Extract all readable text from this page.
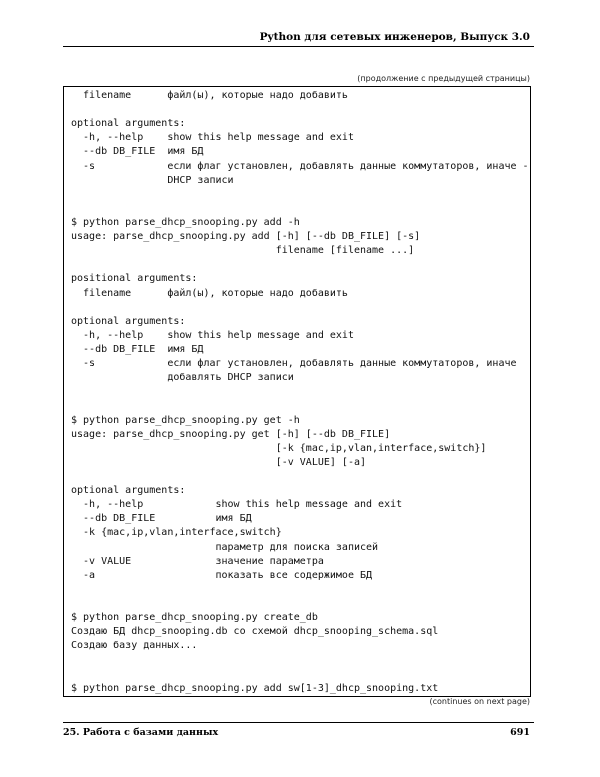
Python для сетевых инженеров, Выпуск 3.0
(продолжение с предыдущей страницы)
filename      файл(ы), которые надо добавить
optional arguments:
-h, --help    show this help message and exit
--db DB_FILE  имя БД
-s            если флаг установлен, добавлять данные коммутаторов, иначе -
DHCP записи
$ python parse_dhcp_snooping.py add -h
usage: parse_dhcp_snooping.py add [-h] [--db DB_FILE] [-s]
filename [filename ...]
positional arguments:
filename      файл(ы), которые надо добавить
optional arguments:
-h, --help    show this help message and exit
--db DB_FILE  имя БД
-s            если флаг установлен, добавлять данные коммутаторов, иначе
добавлять DHCP записи
$ python parse_dhcp_snooping.py get -h
usage: parse_dhcp_snooping.py get [-h] [--db DB_FILE]
[-k {mac,ip,vlan,interface,switch}]
[-v VALUE] [-a]
optional arguments:
-h, --help            show this help message and exit
--db DB_FILE          имя БД
-k {mac,ip,vlan,interface,switch}
параметр для поиска записей
-v VALUE              значение параметра
-a                    показать все содержимое БД
$ python parse_dhcp_snooping.py create_db
Создаю БД dhcp_snooping.db со схемой dhcp_snooping_schema.sql
Создаю базу данных...
$ python parse_dhcp_snooping.py add sw[1-3]_dhcp_snooping.txt
(continues on next page)
25. Работа с базами данных	691
